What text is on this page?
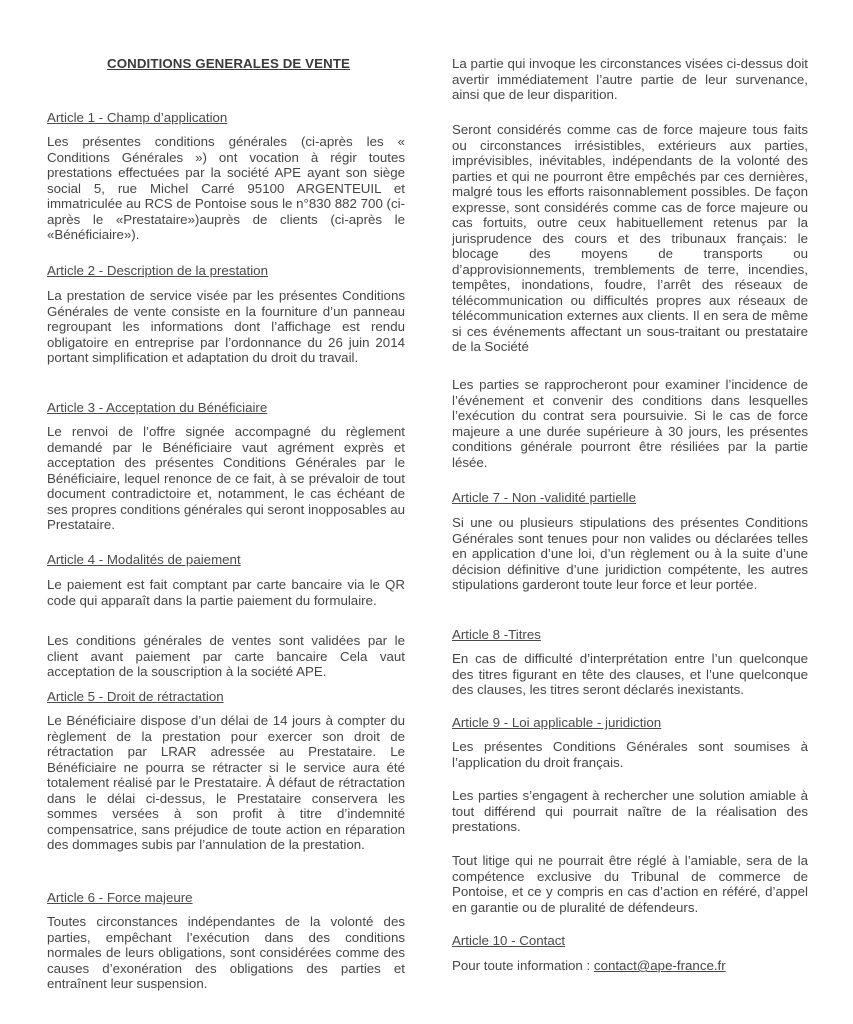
CONDITIONS GENERALES DE VENTE
Article 1 - Champ d’application

Les présentes conditions générales (ci-après les « Conditions Générales ») ont vocation à régir toutes prestations effectuées par la société APE ayant son siège social 5, rue Michel Carré 95100 ARGENTEUIL et immatriculée au RCS de Pontoise sous le n°830 882 700 (ci-après le «Prestataire»)auprès de clients (ci-après le «Bénéficiaire»).

Article 2 - Description de la prestation

La prestation de service visée par les présentes Conditions Générales de vente consiste en la fourniture d’un panneau regroupant les informations dont l’affichage est rendu obligatoire en entreprise par l’ordonnance du 26 juin 2014 portant simplification et adaptation du droit du travail.

Article 3 - Acceptation du Bénéficiaire

Le renvoi de l’offre signée accompagné du règlement demandé par le Bénéficiaire vaut agrément exprès et acceptation des présentes Conditions Générales par le Bénéficiaire, lequel renonce de ce fait, à se prévaloir de tout document contradictoire et, notamment, le cas échéant de ses propres conditions générales qui seront inopposables au Prestataire.

Article 4 - Modalités de paiement

Le paiement est fait comptant par carte bancaire via le QR code qui apparaît dans la partie paiement du formulaire.

Les conditions générales de ventes sont validées par le client avant paiement par carte bancaire Cela vaut acceptation de la souscription à la société APE.

Article 5 - Droit de rétractation

Le Bénéficiaire dispose d’un délai de 14 jours à compter du règlement de la prestation pour exercer son droit de rétractation par LRAR adressée au Prestataire. Le Bénéficiaire ne pourra se rétracter si le service aura été totalement réalisé par le Prestataire. À défaut de rétractation dans le délai ci-dessus, le Prestataire conservera les sommes versées à son profit à titre d’indemnité compensatrice, sans préjudice de toute action en réparation des dommages subis par l’annulation de la prestation.

Article 6 - Force majeure

Toutes circonstances indépendantes de la volonté des parties, empêchant l’exécution dans des conditions normales de leurs obligations, sont considérées comme des causes d’exonération des obligations des parties et entraînent leur suspension.

La partie qui invoque les circonstances visées ci-dessus doit avertir immédiatement l’autre partie de leur survenance, ainsi que de leur disparition.

Seront considérés comme cas de force majeure tous faits ou circonstances irrésistibles, extérieurs aux parties, imprévisibles, inévitables, indépendants de la volonté des parties et qui ne pourront être empêchés par ces dernières, malgré tous les efforts raisonnablement possibles. De façon expresse, sont considérés comme cas de force majeure ou cas fortuits, outre ceux habituellement retenus par la jurisprudence des cours et des tribunaux français: le blocage des moyens de transports ou d’approvisionnements, tremblements de terre, incendies, tempêtes, inondations, foudre, l’arrêt des réseaux de télécommunication ou difficultés propres aux réseaux de télécommunication externes aux clients. Il en sera de même si ces événements affectant un sous-traitant ou prestataire de la Société

Les parties se rapprocheront pour examiner l’incidence de l’événement et convenir des conditions dans lesquelles l’exécution du contrat sera poursuivie. Si le cas de force majeure a une durée supérieure à 30 jours, les présentes conditions générale pourront être résiliées par la partie lésée.

Article 7 - Non -validité partielle

Si une ou plusieurs stipulations des présentes Conditions Générales sont tenues pour non valides ou déclarées telles en application d’une loi, d’un règlement ou à la suite d’une décision définitive d’une juridiction compétente, les autres stipulations garderont toute leur force et leur portée.

Article 8 -Titres

En cas de difficulté d’interprétation entre l’un quelconque des titres figurant en tête des clauses, et l’une quelconque des clauses, les titres seront déclarés inexistants.

Article 9 - Loi applicable - juridiction

Les présentes Conditions Générales sont soumises à l’application du droit français.

Les parties s’engagent à rechercher une solution amiable à tout différend qui pourrait naître de la réalisation des prestations.

Tout litige qui ne pourrait être réglé à l’amiable, sera de la compétence exclusive du Tribunal de commerce de Pontoise, et ce y compris en cas d’action en référé, d’appel en garantie ou de pluralité de défendeurs.

Article 10 - Contact

Pour toute information : contact@ape-france.fr
